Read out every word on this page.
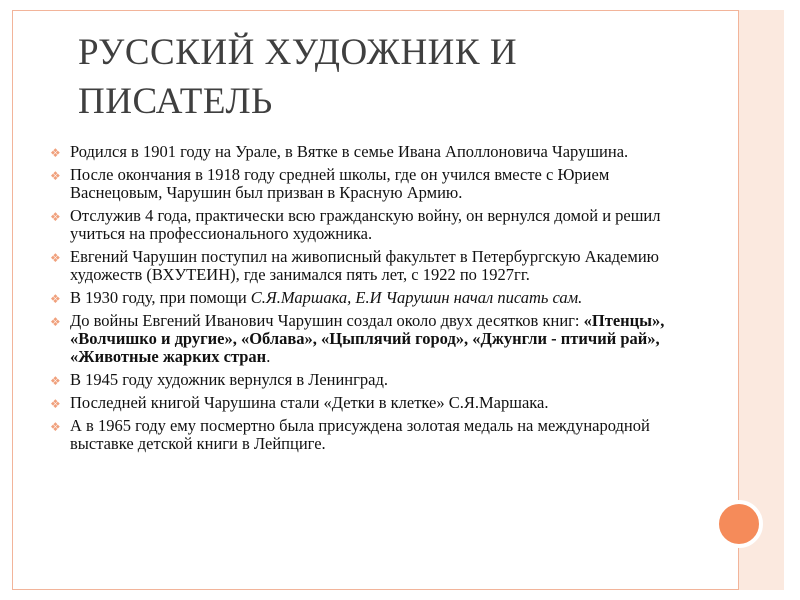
РУССКИЙ ХУДОЖНИК И ПИСАТЕЛЬ
❖ Родился в 1901 году на Урале, в Вятке в семье Ивана Аполлоновича Чарушина.
❖ После окончания в 1918 году средней школы, где он учился вместе с Юрием Васнецовым, Чарушин был призван в Красную Армию.
❖ Отслужив 4 года, практически всю гражданскую войну, он вернулся домой и решил учиться на профессионального художника.
❖ Евгений Чарушин поступил на живописный факультет в Петербургскую Академию художеств (ВХУТЕИН), где занимался пять лет, с 1922 по 1927гг.
❖ В 1930 году, при помощи С.Я.Маршака, Е.И Чарушин начал писать сам.
❖ До войны Евгений Иванович Чарушин создал около двух десятков книг: «Птенцы», «Волчишко и другие», «Облава», «Цыплячий город», «Джунгли - птичий рай», «Животные жарких стран.
❖ В 1945 году художник вернулся в Ленинград.
❖ Последней книгой Чарушина стали «Детки в клетке» С.Я.Маршака.
❖ А в 1965 году ему посмертно была присуждена золотая медаль на международной выставке детской книги в Лейпциге.
